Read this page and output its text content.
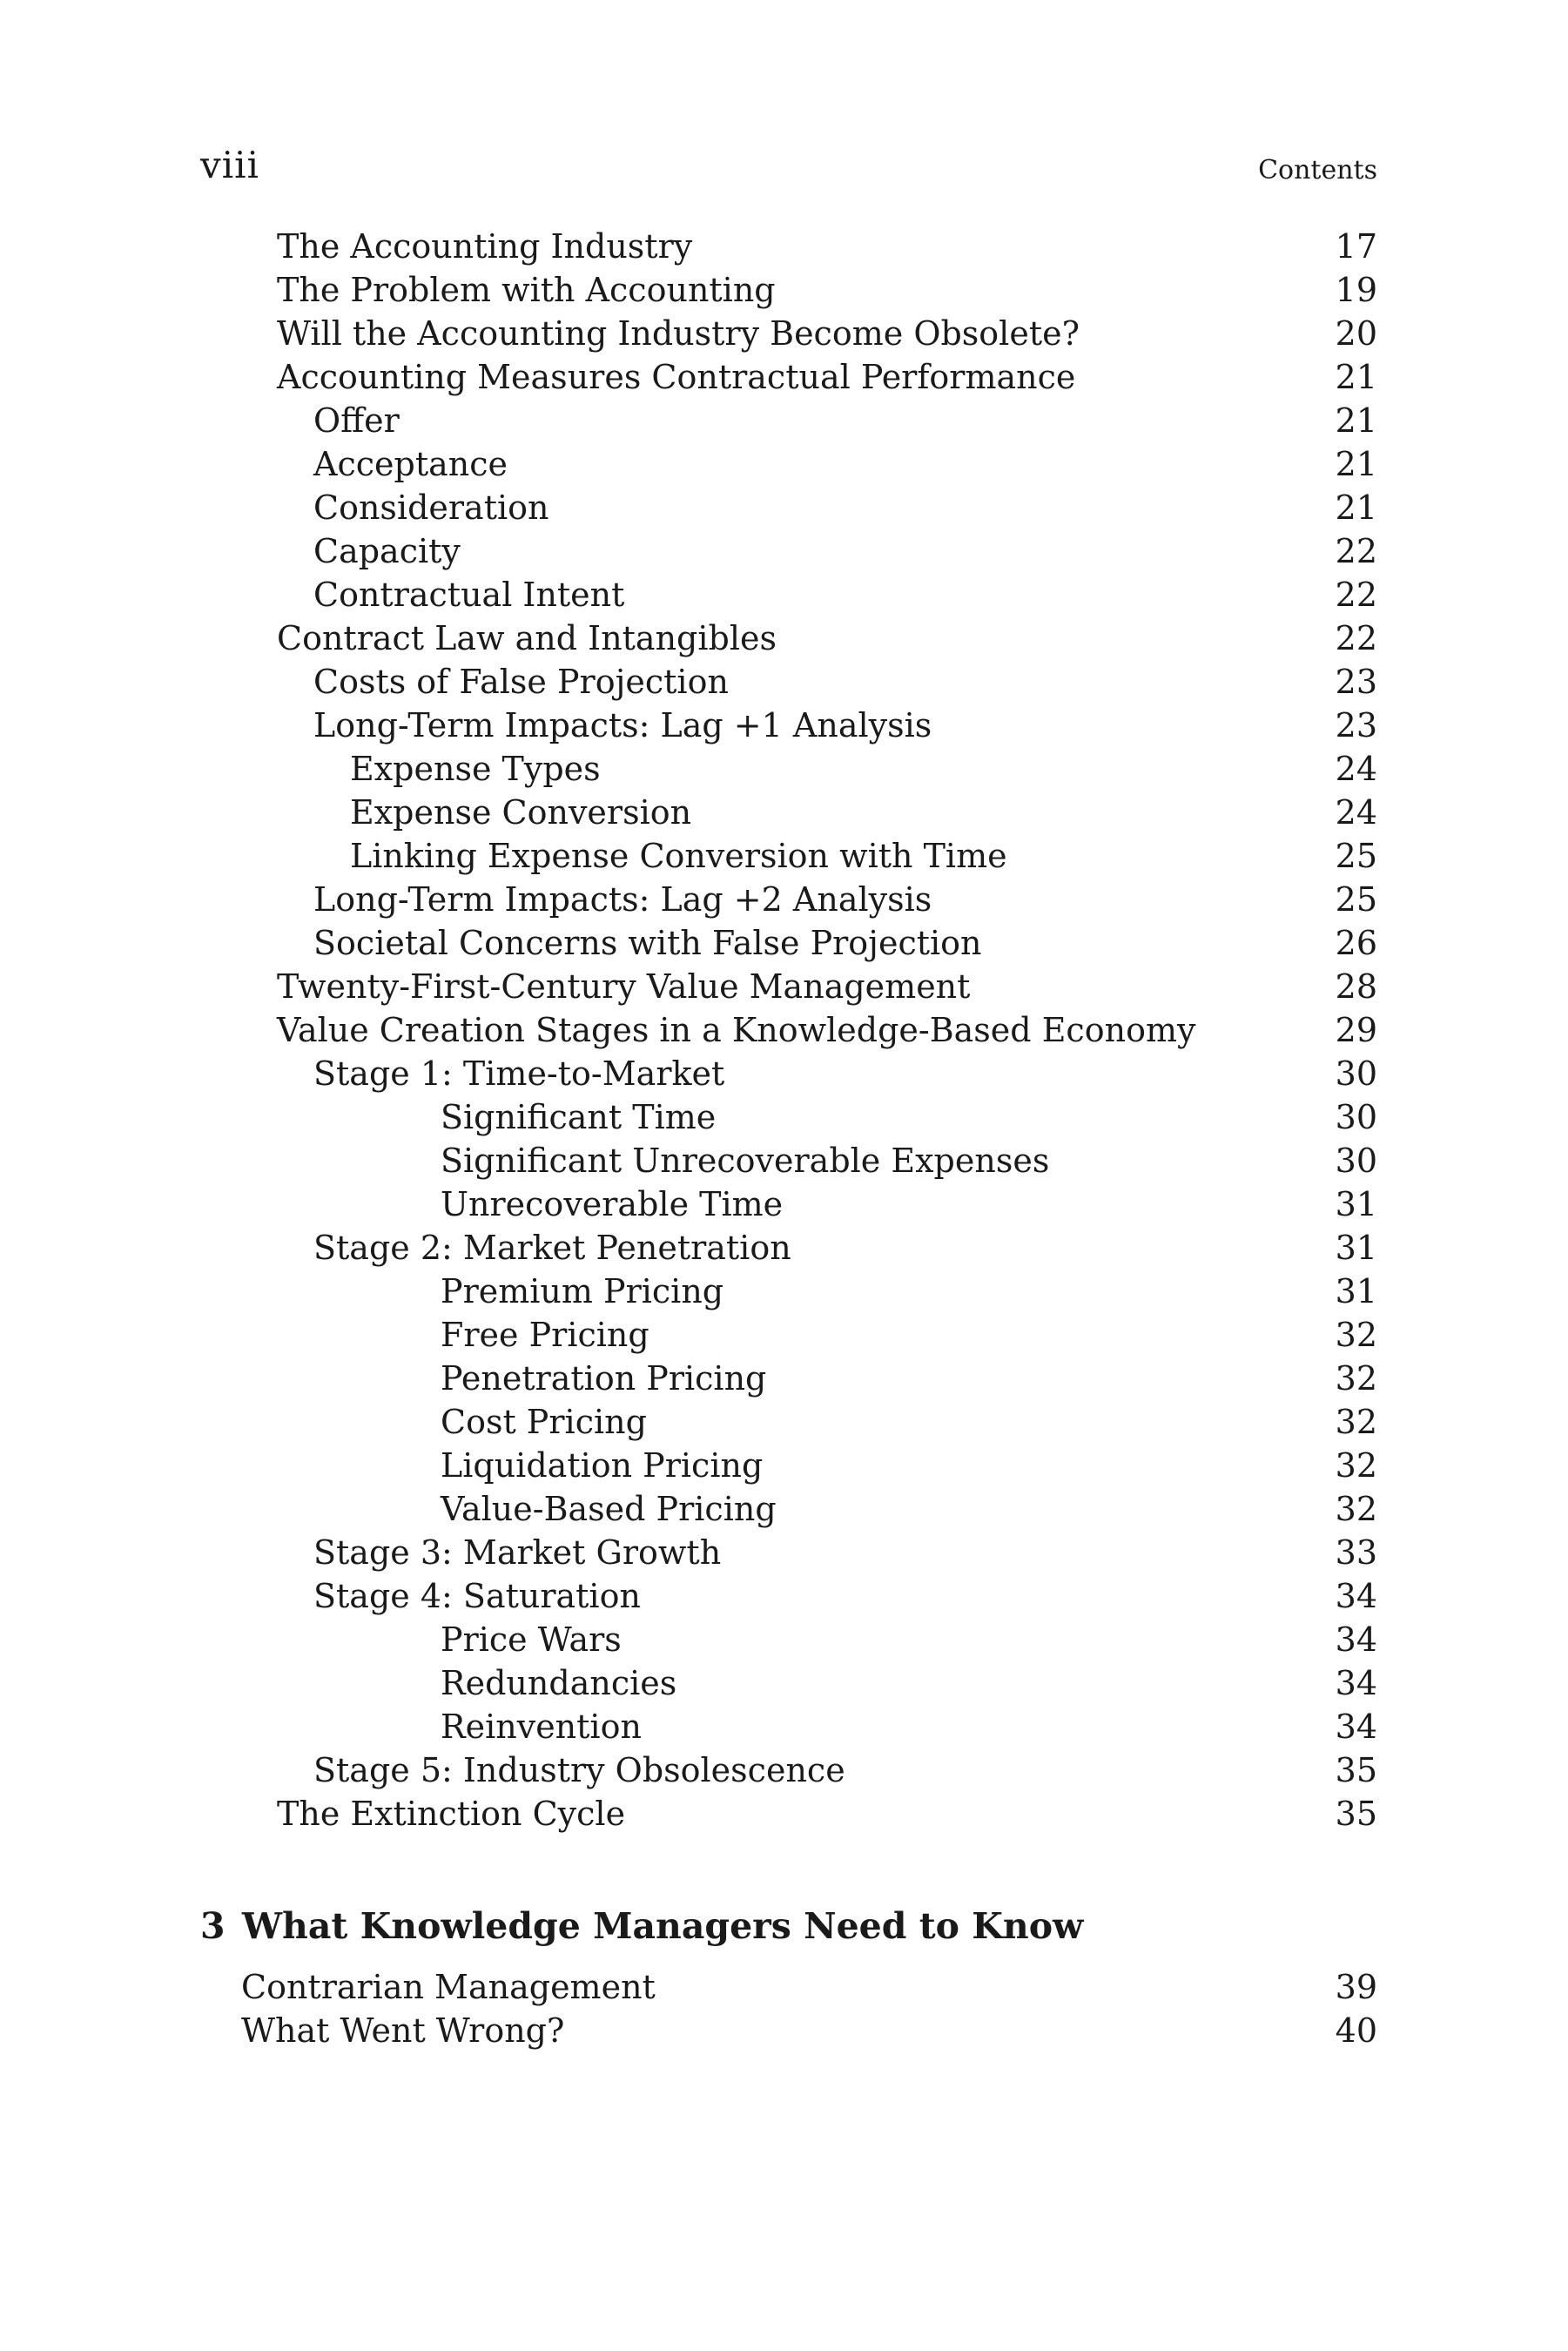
viii	Contents
The Accounting Industry	17
The Problem with Accounting	19
Will the Accounting Industry Become Obsolete?	20
Accounting Measures Contractual Performance	21
Offer	21
Acceptance	21
Consideration	21
Capacity	22
Contractual Intent	22
Contract Law and Intangibles	22
Costs of False Projection	23
Long-Term Impacts: Lag +1 Analysis	23
Expense Types	24
Expense Conversion	24
Linking Expense Conversion with Time	25
Long-Term Impacts: Lag +2 Analysis	25
Societal Concerns with False Projection	26
Twenty-First-Century Value Management	28
Value Creation Stages in a Knowledge-Based Economy	29
Stage 1: Time-to-Market	30
Significant Time	30
Significant Unrecoverable Expenses	30
Unrecoverable Time	31
Stage 2: Market Penetration	31
Premium Pricing	31
Free Pricing	32
Penetration Pricing	32
Cost Pricing	32
Liquidation Pricing	32
Value-Based Pricing	32
Stage 3: Market Growth	33
Stage 4: Saturation	34
Price Wars	34
Redundancies	34
Reinvention	34
Stage 5: Industry Obsolescence	35
The Extinction Cycle	35
3 What Knowledge Managers Need to Know
Contrarian Management	39
What Went Wrong?	40
